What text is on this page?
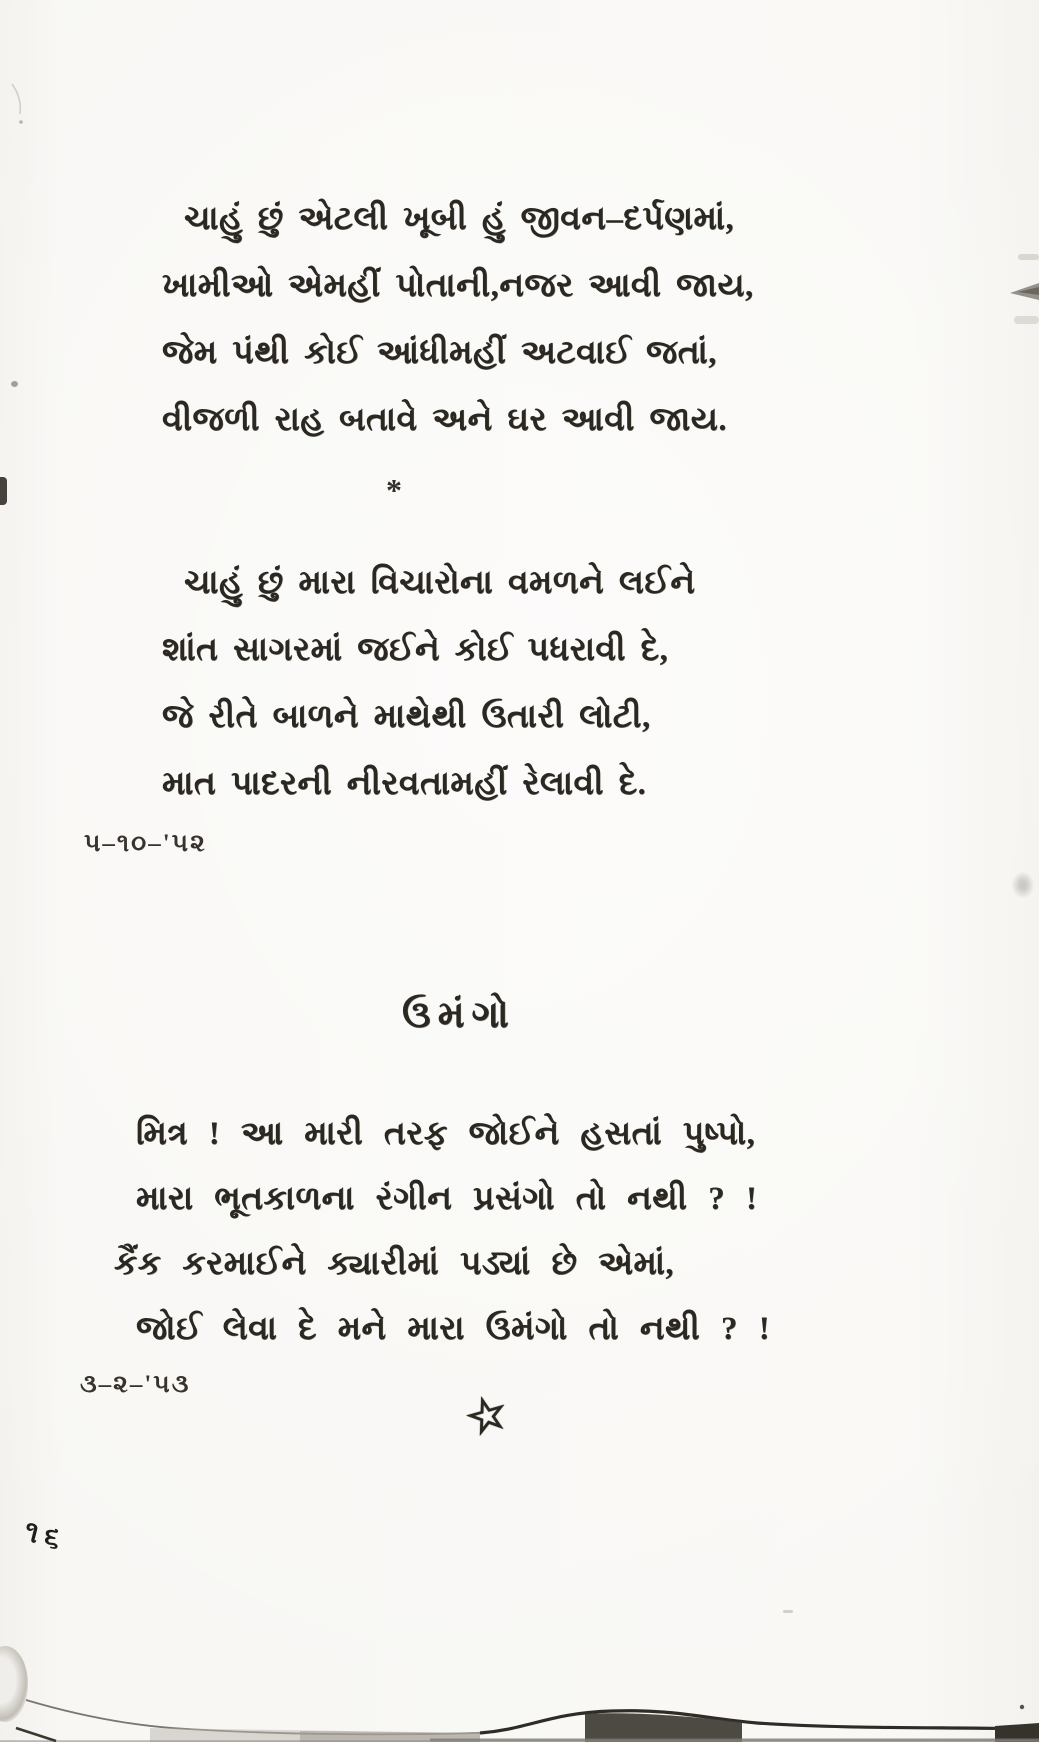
ચાહું છું એટલી ખૂબી હું જીવન–દર્પણમાં,
ખામીઓ એમહીં પોતાની,નજર આવી જાય,
જેમ પંથી કોઈ આંધીમહીં અટવાઈ જતાં,
વીજળી રાહ બતાવે અને ઘર આવી જાય.
*
ચાહું છું મારા વિચારોના વમળને લઈને
શાંત સાગરમાં જઈને કોઈ પધરાવી દે,
જે રીતે બાળને માથેથી ઉતારી લોટી,
માત પાદરની નીરવતામહીં રેલાવી દે.
૫–૧૦–'૫૨
ઉમંગો
મિત્ર ! આ મારી તરફ જોઈને હસતાં પુષ્પો,
મારા ભૂતકાળના રંગીન પ્રસંગો તો નથી ? !
કૈંક કરમાઈને ક્યારીમાં પડ્યાં છે એમાં,
જોઈ લેવા દે મને મારા ઉમંગો તો નથી ? !
૩–૨–'૫૩
☆
૧૬
